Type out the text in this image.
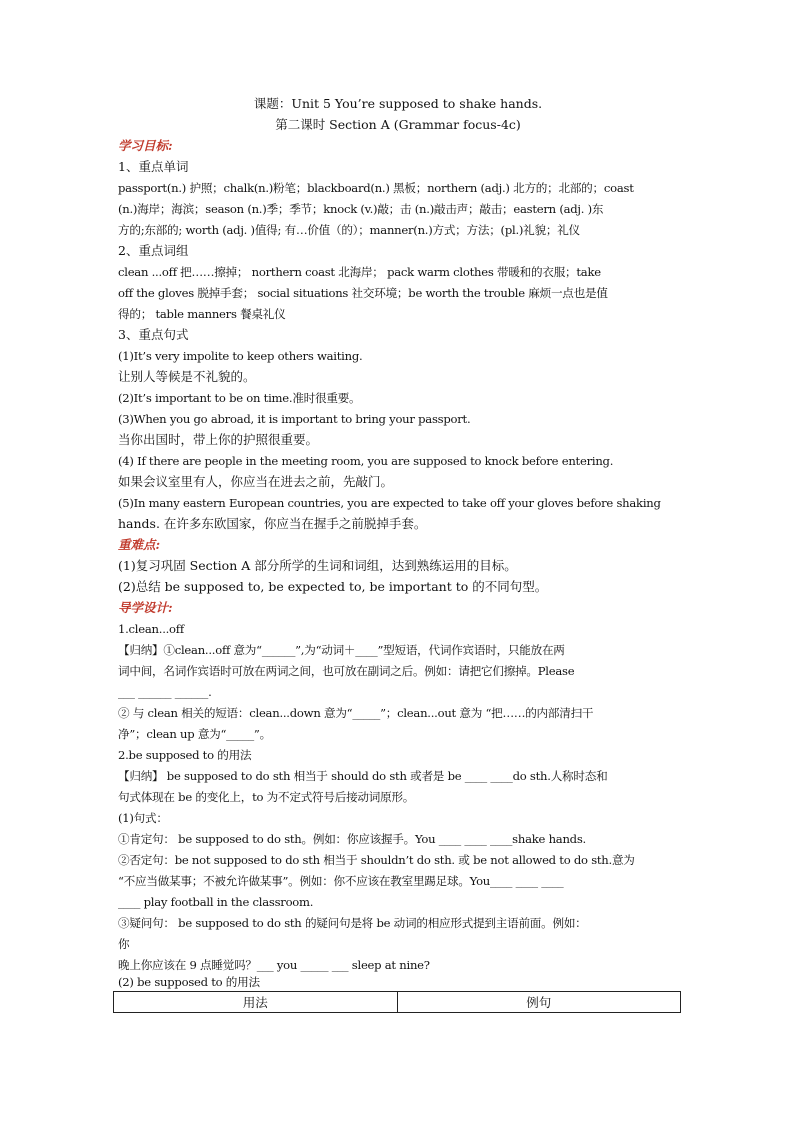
课题：Unit 5 You’re supposed to shake hands.
第二课时 Section A (Grammar focus-4c)
学习目标:
1、重点单词
passport(n.) 护照；chalk(n.)粉笔；blackboard(n.) 黑板；northern (adj.) 北方的；北部的；coast
(n.)海岸；海滨；season (n.)季；季节；knock (v.)敲；击 (n.)敲击声；敲击；eastern (adj. )东
方的;东部的; worth (adj. )值得; 有…价值（的）；manner(n.)方式；方法；(pl.)礼貌；礼仪
2、重点词组
clean ...off 把……擦掉； northern coast 北海岸； pack warm clothes 带暖和的衣服；take
off the gloves 脱掉手套； social situations 社交环境；be worth the trouble 麻烦一点也是值
得的； table manners 餐桌礼仪
3、重点句式
(1)It’s very impolite to keep others waiting.
让别人等候是不礼貌的。
(2)It’s important to be on time.准时很重要。
(3)When you go abroad, it is important to bring your passport.
当你出国时，带上你的护照很重要。
(4) If there are people in the meeting room, you are supposed to knock before entering.
如果会议室里有人，你应当在进去之前，先敲门。
(5)In many eastern European countries, you are expected to take off your gloves before shaking
hands. 在许多东欧国家，你应当在握手之前脱掉手套。
重难点:
(1)复习巩固 Section A 部分所学的生词和词组，达到熟练运用的目标。
(2)总结 be supposed to, be expected to, be important to 的不同句型。
导学设计:
1.clean...off
【归纳】①clean...off 意为“______”,为“动词＋____”型短语，代词作宾语时，只能放在两
词中间，名词作宾语时可放在两词之间，也可放在副词之后。例如：请把它们擦掉。Please
___ ______ ______.
② 与 clean 相关的短语：clean...down 意为“_____”；clean...out 意为 “把……的内部清扫干
净”；clean up 意为“_____”。
2.be supposed to 的用法
【归纳】 be supposed to do sth 相当于 should do sth 或者是 be ____ ____do sth.人称时态和
句式体现在 be 的变化上，to 为不定式符号后接动词原形。
(1)句式：
①肯定句： be supposed to do sth。例如：你应该握手。You ____ ____ ____shake hands.
②否定句：be not supposed to do sth 相当于 shouldn’t do sth. 或 be not allowed to do sth.意为
“不应当做某事；不被允许做某事”。例如：你不应该在教室里踢足球。You____ ____ ____
____ play football in the classroom.
③疑问句： be supposed to do sth 的疑问句是将 be 动词的相应形式提到主语前面。例如：
你
晚上你应该在 9 点睡觉吗？___ you _____ ___ sleep at nine?
(2) be supposed to 的用法
用法	例句
